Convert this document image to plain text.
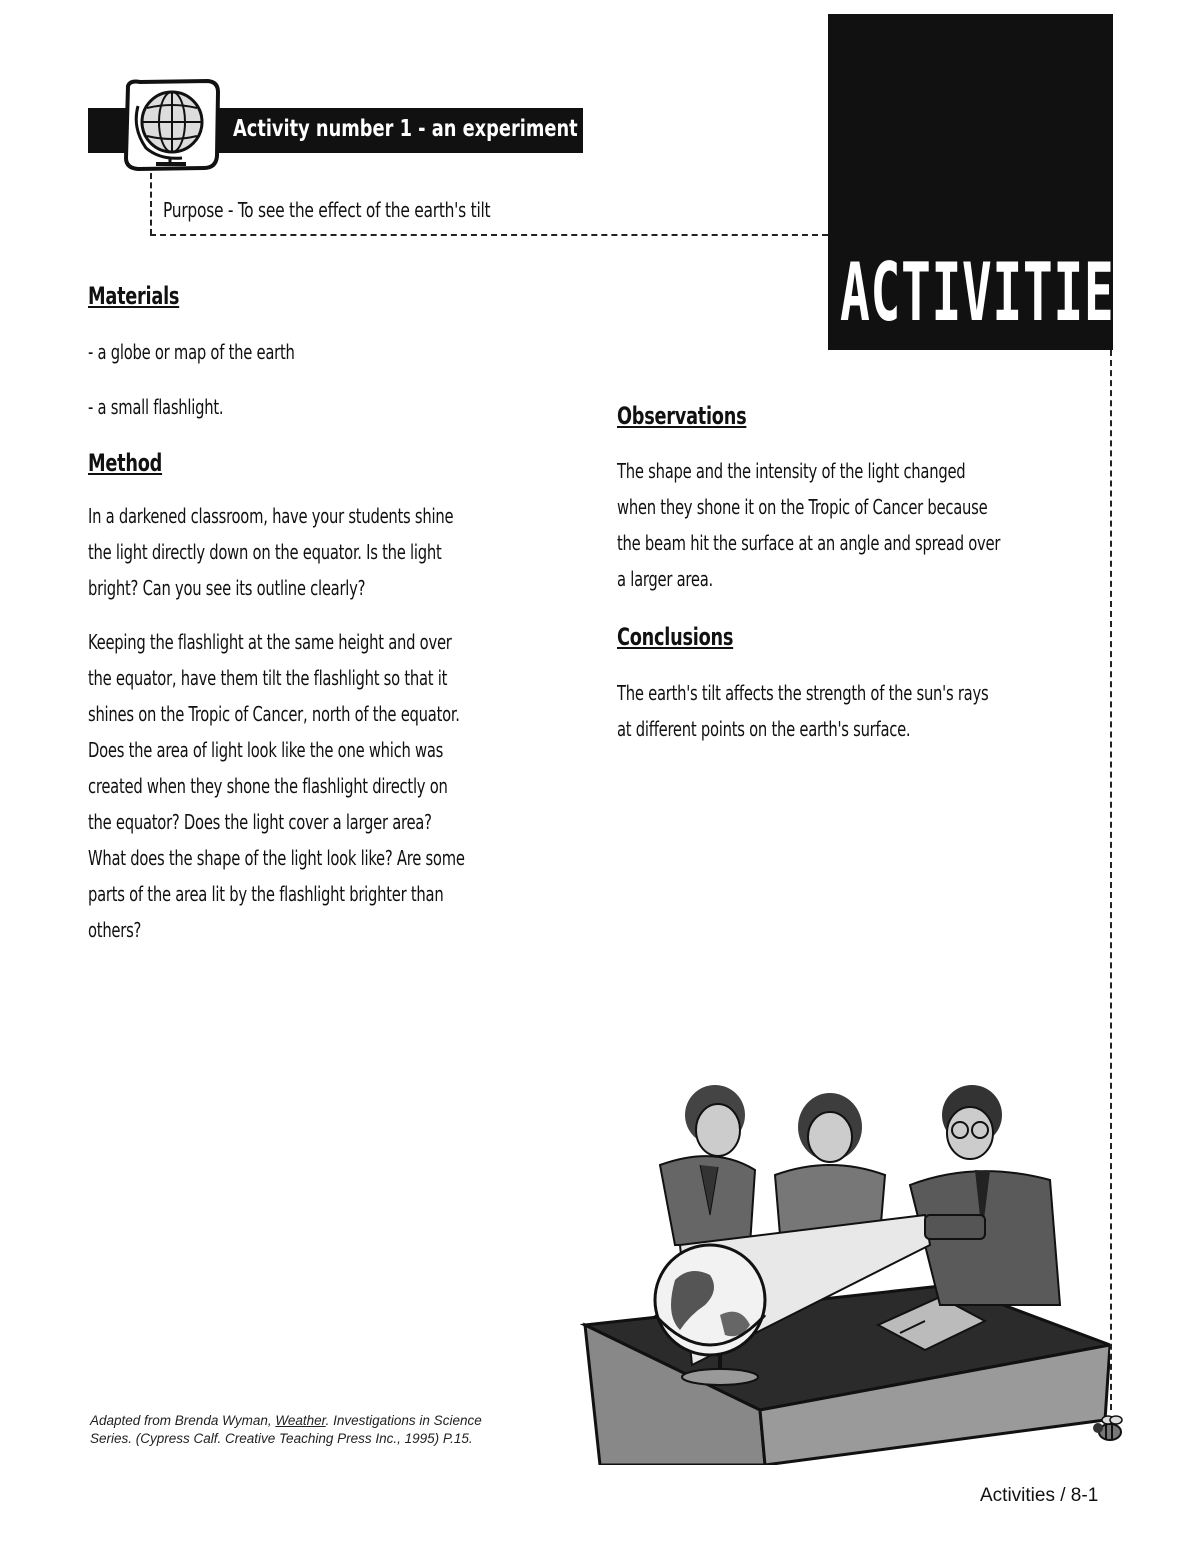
ACTIVITIES
Activity number 1 - an experiment
Purpose - To see the effect of the earth's tilt
Materials
- a globe or map of the earth
- a small flashlight.
Method
In a darkened classroom, have your students shine
the light directly down on the equator. Is the light
bright? Can you see its outline clearly?
Keeping the flashlight at the same height and over
the equator, have them tilt the flashlight so that it
shines on the Tropic of Cancer, north of the equator.
Does the area of light look like the one which was
created when they shone the flashlight directly on
the equator? Does the light cover a larger area?
What does the shape of the light look like? Are some
parts of the area lit by the flashlight brighter than
others?
Observations
The shape and the intensity of the light changed
when they shone it on the Tropic of Cancer because
the beam hit the surface at an angle and spread over
a larger area.
Conclusions
The earth's tilt affects the strength of the sun's rays
at different points on the earth's surface.
Adapted from Brenda Wyman, Weather. Investigations in Science Series. (Cypress Calf. Creative Teaching Press Inc., 1995) P.15.
Activities / 8-1
